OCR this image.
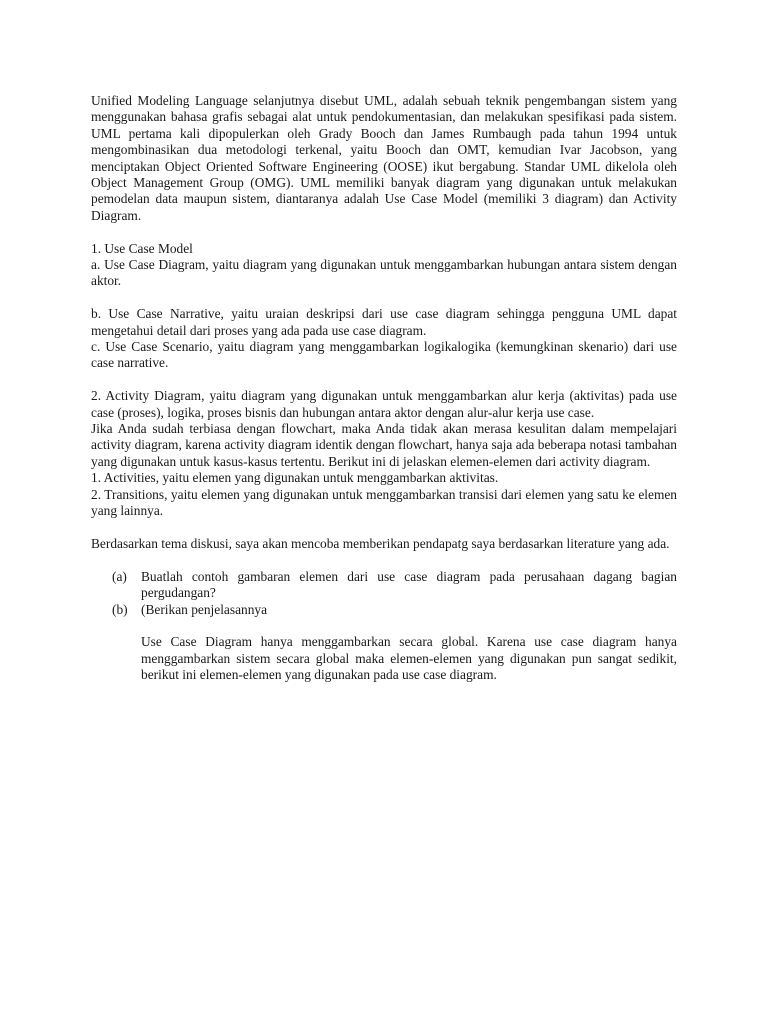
Unified Modeling Language selanjutnya disebut UML, adalah sebuah teknik pengembangan sistem yang menggunakan bahasa grafis sebagai alat untuk pendokumentasian, dan melakukan spesifikasi pada sistem. UML pertama kali dipopulerkan oleh Grady Booch dan James Rumbaugh pada tahun 1994 untuk mengombinasikan dua metodologi terkenal, yaitu Booch dan OMT, kemudian Ivar Jacobson, yang menciptakan Object Oriented Software Engineering (OOSE) ikut bergabung. Standar UML dikelola oleh Object Management Group (OMG). UML memiliki banyak diagram yang digunakan untuk melakukan pemodelan data maupun sistem, diantaranya adalah Use Case Model (memiliki 3 diagram) dan Activity Diagram.

1. Use Case Model

a. Use Case Diagram, yaitu diagram yang digunakan untuk menggambarkan hubungan antara sistem dengan aktor.

b. Use Case Narrative, yaitu uraian deskripsi dari use case diagram sehingga pengguna UML dapat mengetahui detail dari proses yang ada pada use case diagram.

c. Use Case Scenario, yaitu diagram yang menggambarkan logikalogika (kemungkinan skenario) dari use case narrative.

2. Activity Diagram, yaitu diagram yang digunakan untuk menggambarkan alur kerja (aktivitas) pada use case (proses), logika, proses bisnis dan hubungan antara aktor dengan alur-alur kerja use case.

Jika Anda sudah terbiasa dengan flowchart, maka Anda tidak akan merasa kesulitan dalam mempelajari activity diagram, karena activity diagram identik dengan flowchart, hanya saja ada beberapa notasi tambahan yang digunakan untuk kasus-kasus tertentu. Berikut ini di jelaskan elemen-elemen dari activity diagram.

1. Activities, yaitu elemen yang digunakan untuk menggambarkan aktivitas.

2. Transitions, yaitu elemen yang digunakan untuk menggambarkan transisi dari elemen yang satu ke elemen yang lainnya.

Berdasarkan tema diskusi, saya akan mencoba memberikan pendapatg saya berdasarkan literature yang ada.

(a)	Buatlah contoh gambaran elemen dari use case diagram pada perusahaan dagang bagian pergudangan?
(b) (Berikan penjelasannya

Use Case Diagram hanya menggambarkan secara global. Karena use case diagram hanya menggambarkan sistem secara global maka elemen-elemen yang digunakan pun sangat sedikit, berikut ini elemen-elemen yang digunakan pada use case diagram.
